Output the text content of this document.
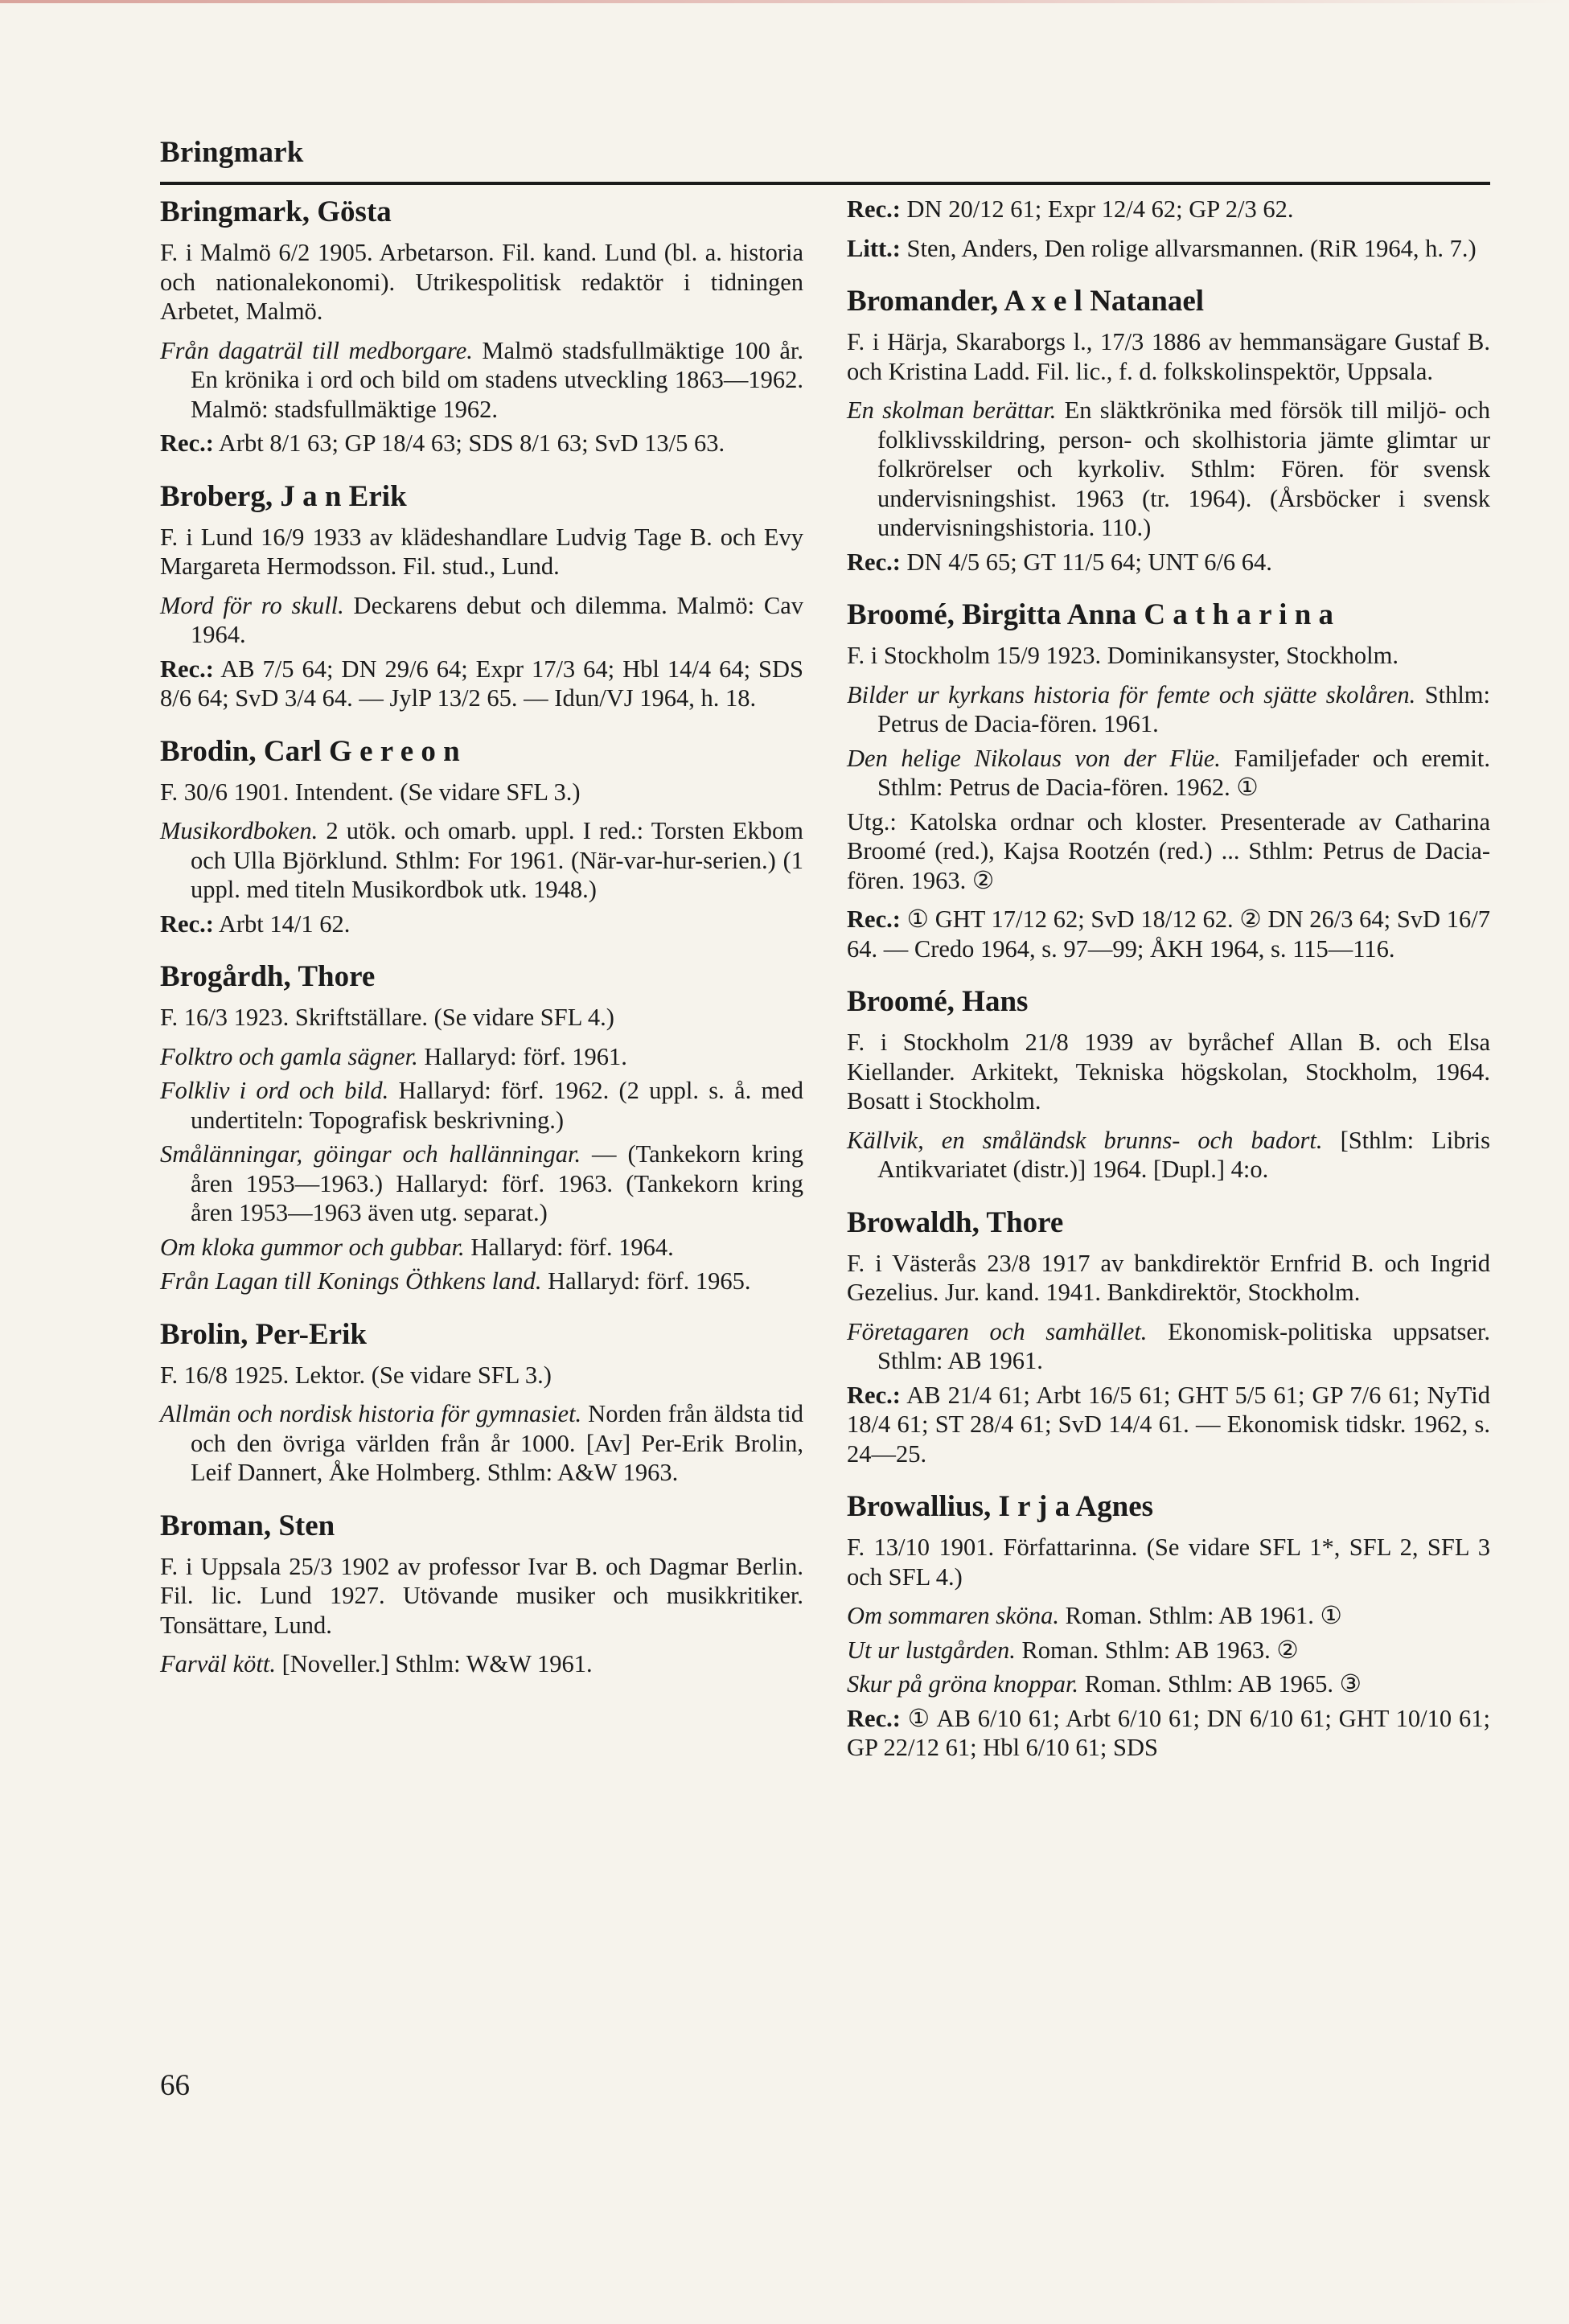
Bringmark
Bringmark, Gösta
F. i Malmö 6/2 1905. Arbetarson. Fil. kand. Lund (bl. a. historia och nationalekonomi). Utrikespolitisk redaktör i tidningen Arbetet, Malmö.
Från dagaträl till medborgare. Malmö stadsfullmäktige 100 år. En krönika i ord och bild om stadens utveckling 1863—1962. Malmö: stadsfullmäktige 1962.
Rec.: Arbt 8/1 63; GP 18/4 63; SDS 8/1 63; SvD 13/5 63.
Broberg, J a n Erik
F. i Lund 16/9 1933 av klädeshandlare Ludvig Tage B. och Evy Margareta Hermodsson. Fil. stud., Lund.
Mord för ro skull. Deckarens debut och dilemma. Malmö: Cav 1964.
Rec.: AB 7/5 64; DN 29/6 64; Expr 17/3 64; Hbl 14/4 64; SDS 8/6 64; SvD 3/4 64. — JylP 13/2 65. — Idun/VJ 1964, h. 18.
Brodin, Carl G e r e o n
F. 30/6 1901. Intendent. (Se vidare SFL 3.)
Musikordboken. 2 utök. och omarb. uppl. I red.: Torsten Ekbom och Ulla Björklund. Sthlm: For 1961. (När-var-hur-serien.) (1 uppl. med titeln Musikordbok utk. 1948.)
Rec.: Arbt 14/1 62.
Brogårdh, Thore
F. 16/3 1923. Skriftställare. (Se vidare SFL 4.)
Folktro och gamla sägner. Hallaryd: förf. 1961.
Folkliv i ord och bild. Hallaryd: förf. 1962. (2 uppl. s. å. med undertiteln: Topografisk beskrivning.)
Smålänningar, göingar och hallänningar. — (Tankekorn kring åren 1953—1963.) Hallaryd: förf. 1963. (Tankekorn kring åren 1953—1963 även utg. separat.)
Om kloka gummor och gubbar. Hallaryd: förf. 1964.
Från Lagan till Konings Öthkens land. Hallaryd: förf. 1965.
Brolin, Per-Erik
F. 16/8 1925. Lektor. (Se vidare SFL 3.)
Allmän och nordisk historia för gymnasiet. Norden från äldsta tid och den övriga världen från år 1000. [Av] Per-Erik Brolin, Leif Dannert, Åke Holmberg. Sthlm: A&W 1963.
Broman, Sten
F. i Uppsala 25/3 1902 av professor Ivar B. och Dagmar Berlin. Fil. lic. Lund 1927. Utövande musiker och musikkritiker. Tonsättare, Lund.
Farväl kött. [Noveller.] Sthlm: W&W 1961.
Rec.: DN 20/12 61; Expr 12/4 62; GP 2/3 62.
Litt.: Sten, Anders, Den rolige allvarsmannen. (RiR 1964, h. 7.)
Bromander, A x e l Natanael
F. i Härja, Skaraborgs l., 17/3 1886 av hemmansägare Gustaf B. och Kristina Ladd. Fil. lic., f. d. folkskolinspektör, Uppsala.
En skolman berättar. En släktkrönika med försök till miljö- och folklivsskildring, person- och skolhistoria jämte glimtar ur folkrörelser och kyrkoliv. Sthlm: Fören. för svensk undervisningshist. 1963 (tr. 1964). (Årsböcker i svensk undervisningshistoria. 110.)
Rec.: DN 4/5 65; GT 11/5 64; UNT 6/6 64.
Broomé, Birgitta Anna C a t h a r i n a
F. i Stockholm 15/9 1923. Dominikansyster, Stockholm.
Bilder ur kyrkans historia för femte och sjätte skolåren. Sthlm: Petrus de Dacia-fören. 1961.
Den helige Nikolaus von der Flüe. Familjefader och eremit. Sthlm: Petrus de Dacia-fören. 1962. ①
Utg.: Katolska ordnar och kloster. Presenterade av Catharina Broomé (red.), Kajsa Rootzén (red.) ... Sthlm: Petrus de Dacia-fören. 1963. ②
Rec.: ① GHT 17/12 62; SvD 18/12 62. ② DN 26/3 64; SvD 16/7 64. — Credo 1964, s. 97—99; ÅKH 1964, s. 115—116.
Broomé, Hans
F. i Stockholm 21/8 1939 av byråchef Allan B. och Elsa Kiellander. Arkitekt, Tekniska högskolan, Stockholm, 1964. Bosatt i Stockholm.
Källvik, en småländsk brunns- och badort. [Sthlm: Libris Antikvariatet (distr.)] 1964. [Dupl.] 4:o.
Browaldh, Thore
F. i Västerås 23/8 1917 av bankdirektör Ernfrid B. och Ingrid Gezelius. Jur. kand. 1941. Bankdirektör, Stockholm.
Företagaren och samhället. Ekonomisk-politiska uppsatser. Sthlm: AB 1961.
Rec.: AB 21/4 61; Arbt 16/5 61; GHT 5/5 61; GP 7/6 61; NyTid 18/4 61; ST 28/4 61; SvD 14/4 61. — Ekonomisk tidskr. 1962, s. 24—25.
Browallius, I r j a Agnes
F. 13/10 1901. Författarinna. (Se vidare SFL 1*, SFL 2, SFL 3 och SFL 4.)
Om sommaren sköna. Roman. Sthlm: AB 1961. ①
Ut ur lustgården. Roman. Sthlm: AB 1963. ②
Skur på gröna knoppar. Roman. Sthlm: AB 1965. ③
Rec.: ① AB 6/10 61; Arbt 6/10 61; DN 6/10 61; GHT 10/10 61; GP 22/12 61; Hbl 6/10 61; SDS
66
